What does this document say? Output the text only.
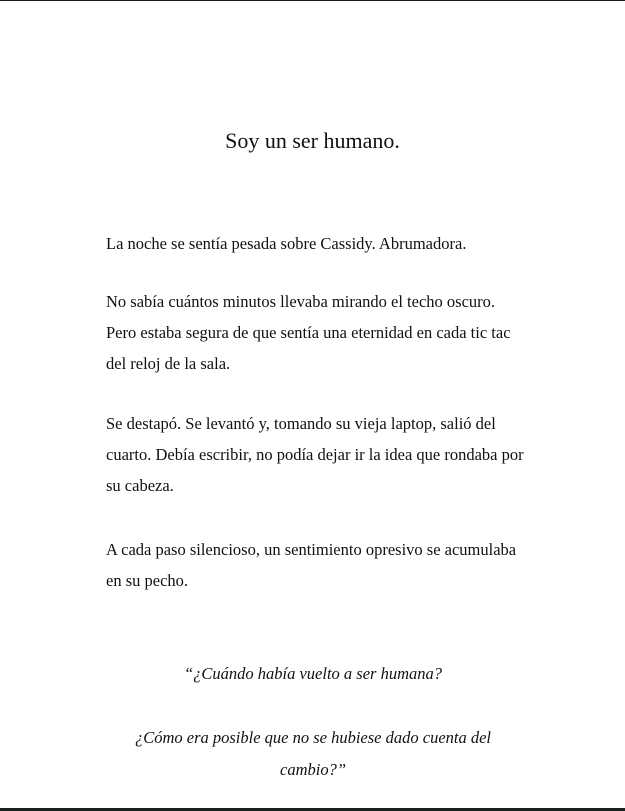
Soy un ser humano.

La noche se sentía pesada sobre Cassidy. Abrumadora.

No sabía cuántos minutos llevaba mirando el techo oscuro. Pero estaba segura de que sentía una eternidad en cada tic tac del reloj de la sala.

Se destapó. Se levantó y, tomando su vieja laptop, salió del cuarto. Debía escribir, no podía dejar ir la idea que rondaba por su cabeza.

A cada paso silencioso, un sentimiento opresivo se acumulaba en su pecho.

“¿Cuándo había vuelto a ser humana?

¿Cómo era posible que no se hubiese dado cuenta del cambio?”
